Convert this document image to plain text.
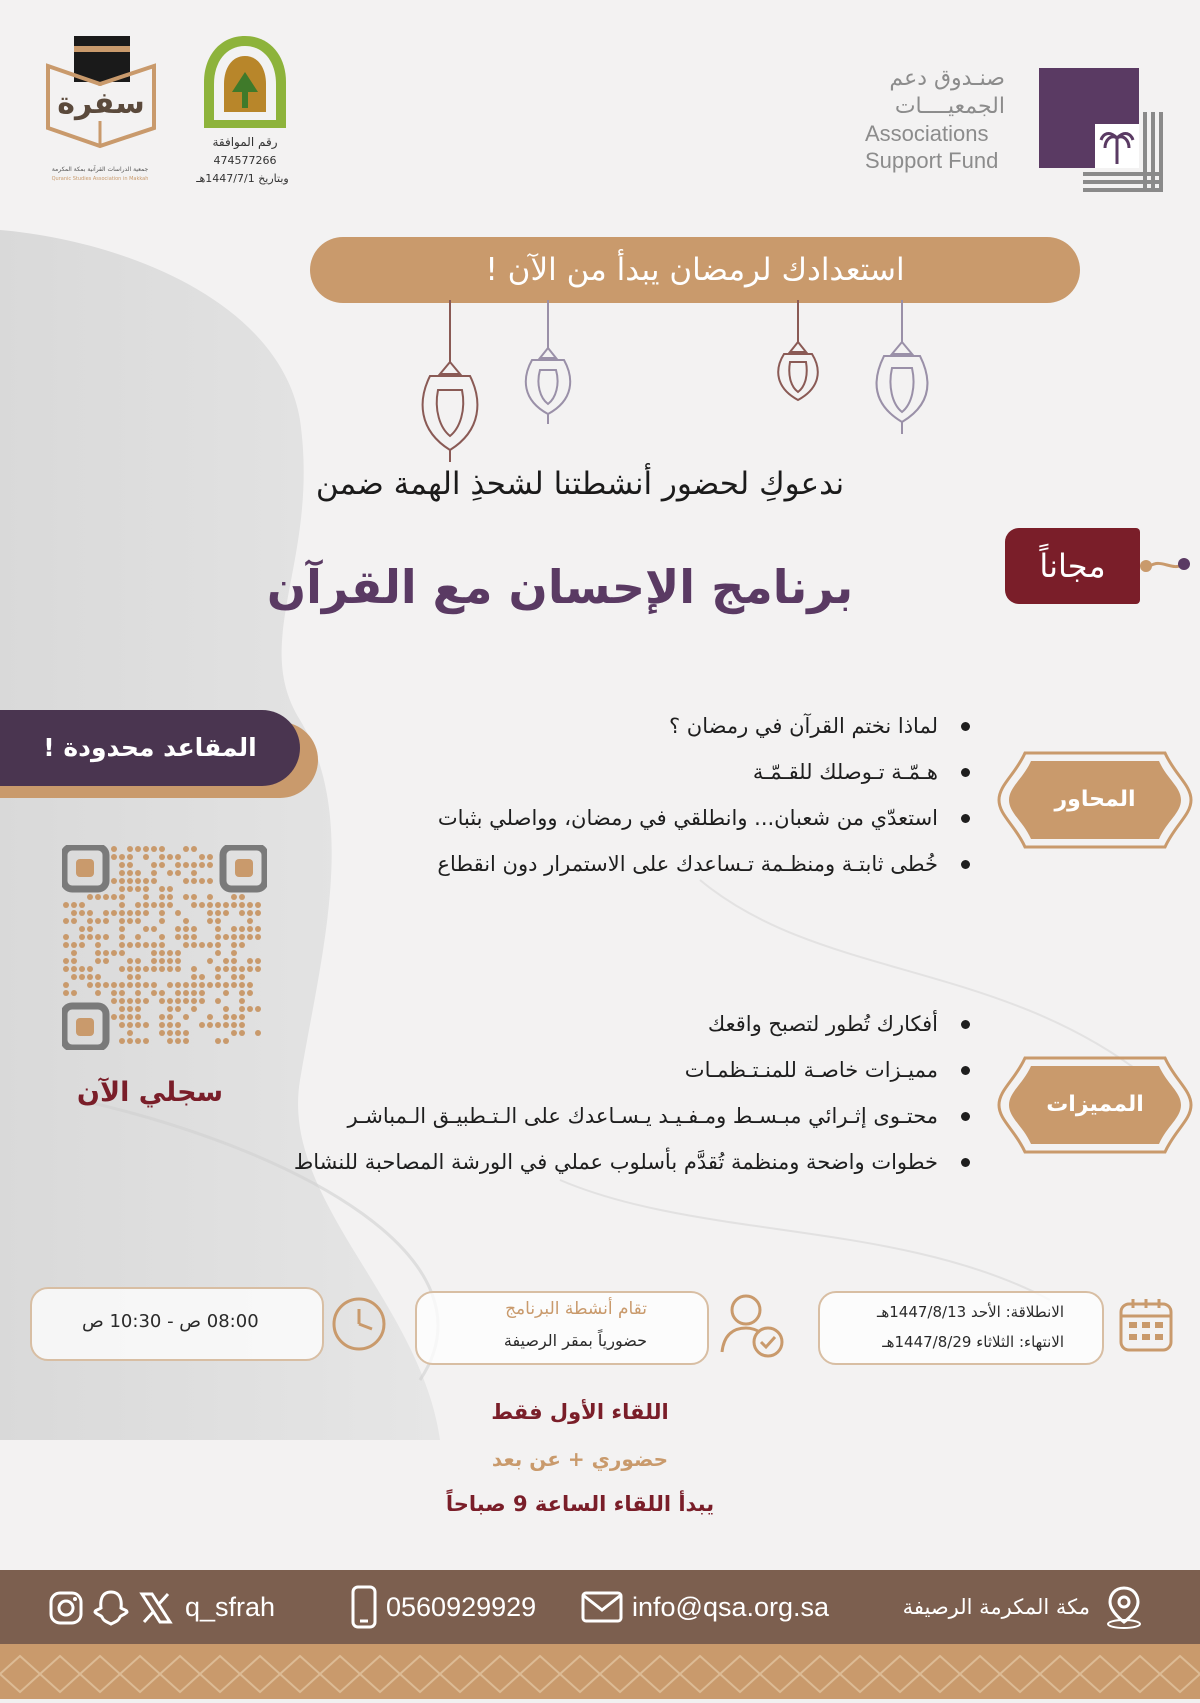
صنـدوق دعم
الجمعيــــات
Associations
Support Fund
رقم الموافقة
474577266
وبتاريخ 1447/7/1هـ
سفرة
جمعية الدراسات القرآنية بمكة المكرمة
Quranic Studies Association in Makkah
استعدادك لرمضان يبدأ من الآن !
ندعوكِ لحضور أنشطتنا لشحذِ الهمة ضمن
مجاناً
برنامج الإحسان مع القرآن
المقاعد محدودة !
المحاور
لماذا نختم القرآن في رمضان ؟
هـمّـة تـوصلك للقـمّـة
استعدّي من شعبان... وانطلقي في رمضان، وواصلي بثبات
خُطى ثابتـة ومنظـمة تـساعدك على الاستمرار دون انقطاع
سجلي الآن	المميزات
أفكارك تُطور لتصبح واقعك
مميـزات خاصـة للمنـتـظمـات
محتـوى إثـرائي مبـسـط ومـفـيـد يـسـاعدك على الـتـطبيـق الـمباشـر
خطوات واضحة ومنظمة تُقدَّم بأسلوب عملي في الورشة المصاحبة للنشاط
الانطلاقة: الأحد 1447/8/13هـ
الانتهاء: الثلاثاء 1447/8/29هـ
تقام أنشطة البرنامج
حضورياً بمقر الرصيفة
08:00 ص - 10:30 ص
اللقاء الأول فقط
حضوري + عن بعد
يبدأ اللقاء الساعة 9 صباحاً
q_sfrah	0560929929	info@qsa.org.sa	مكة المكرمة الرصيفة
